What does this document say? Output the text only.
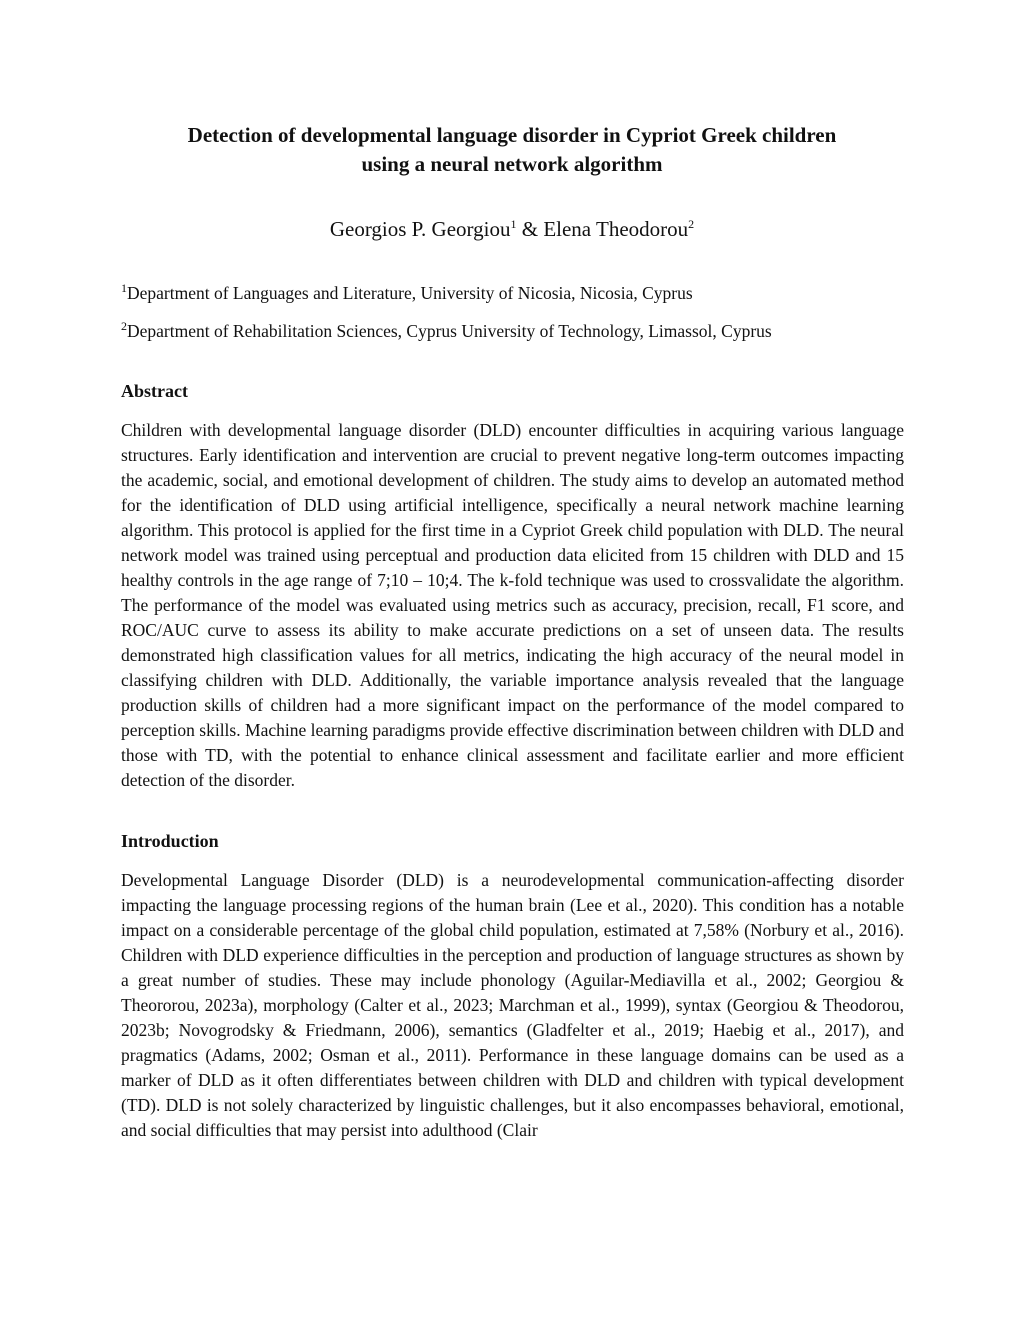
Detection of developmental language disorder in Cypriot Greek children
using a neural network algorithm
Georgios P. Georgiou$^1$ & Elena Theodorou$^2$
$^1$Department of Languages and Literature, University of Nicosia, Nicosia, Cyprus
$^2$Department of Rehabilitation Sciences, Cyprus University of Technology, Limassol, Cyprus
Abstract

Children with developmental language disorder (DLD) encounter difficulties in acquiring various language structures. Early identification and intervention are crucial to prevent negative long-term outcomes impacting the academic, social, and emotional development of children. The study aims to develop an automated method for the identification of DLD using artificial intelligence, specifically a neural network machine learning algorithm. This protocol is applied for the first time in a Cypriot Greek child population with DLD. The neural network model was trained using perceptual and production data elicited from 15 children with DLD and 15 healthy controls in the age range of 7;10 – 10;4. The k-fold technique was used to crossvalidate the algorithm. The performance of the model was evaluated using metrics such as accuracy, precision, recall, F1 score, and ROC/AUC curve to assess its ability to make accurate predictions on a set of unseen data. The results demonstrated high classification values for all metrics, indicating the high accuracy of the neural model in classifying children with DLD. Additionally, the variable importance analysis revealed that the language production skills of children had a more significant impact on the performance of the model compared to perception skills. Machine learning paradigms provide effective discrimination between children with DLD and those with TD, with the potential to enhance clinical assessment and facilitate earlier and more efficient detection of the disorder.

Introduction

Developmental Language Disorder (DLD) is a neurodevelopmental communication-affecting disorder impacting the language processing regions of the human brain (Lee et al., 2020). This condition has a notable impact on a considerable percentage of the global child population, estimated at 7,58% (Norbury et al., 2016). Children with DLD experience difficulties in the perception and production of language structures as shown by a great number of studies. These may include phonology (Aguilar-Mediavilla et al., 2002; Georgiou & Theororou, 2023a), morphology (Calter et al., 2023; Marchman et al., 1999), syntax (Georgiou & Theodorou, 2023b; Novogrodsky & Friedmann, 2006), semantics (Gladfelter et al., 2019; Haebig et al., 2017), and pragmatics (Adams, 2002; Osman et al., 2011). Performance in these language domains can be used as a marker of DLD as it often differentiates between children with DLD and children with typical development (TD). DLD is not solely characterized by linguistic challenges, but it also encompasses behavioral, emotional, and social difficulties that may persist into adulthood (Clair
